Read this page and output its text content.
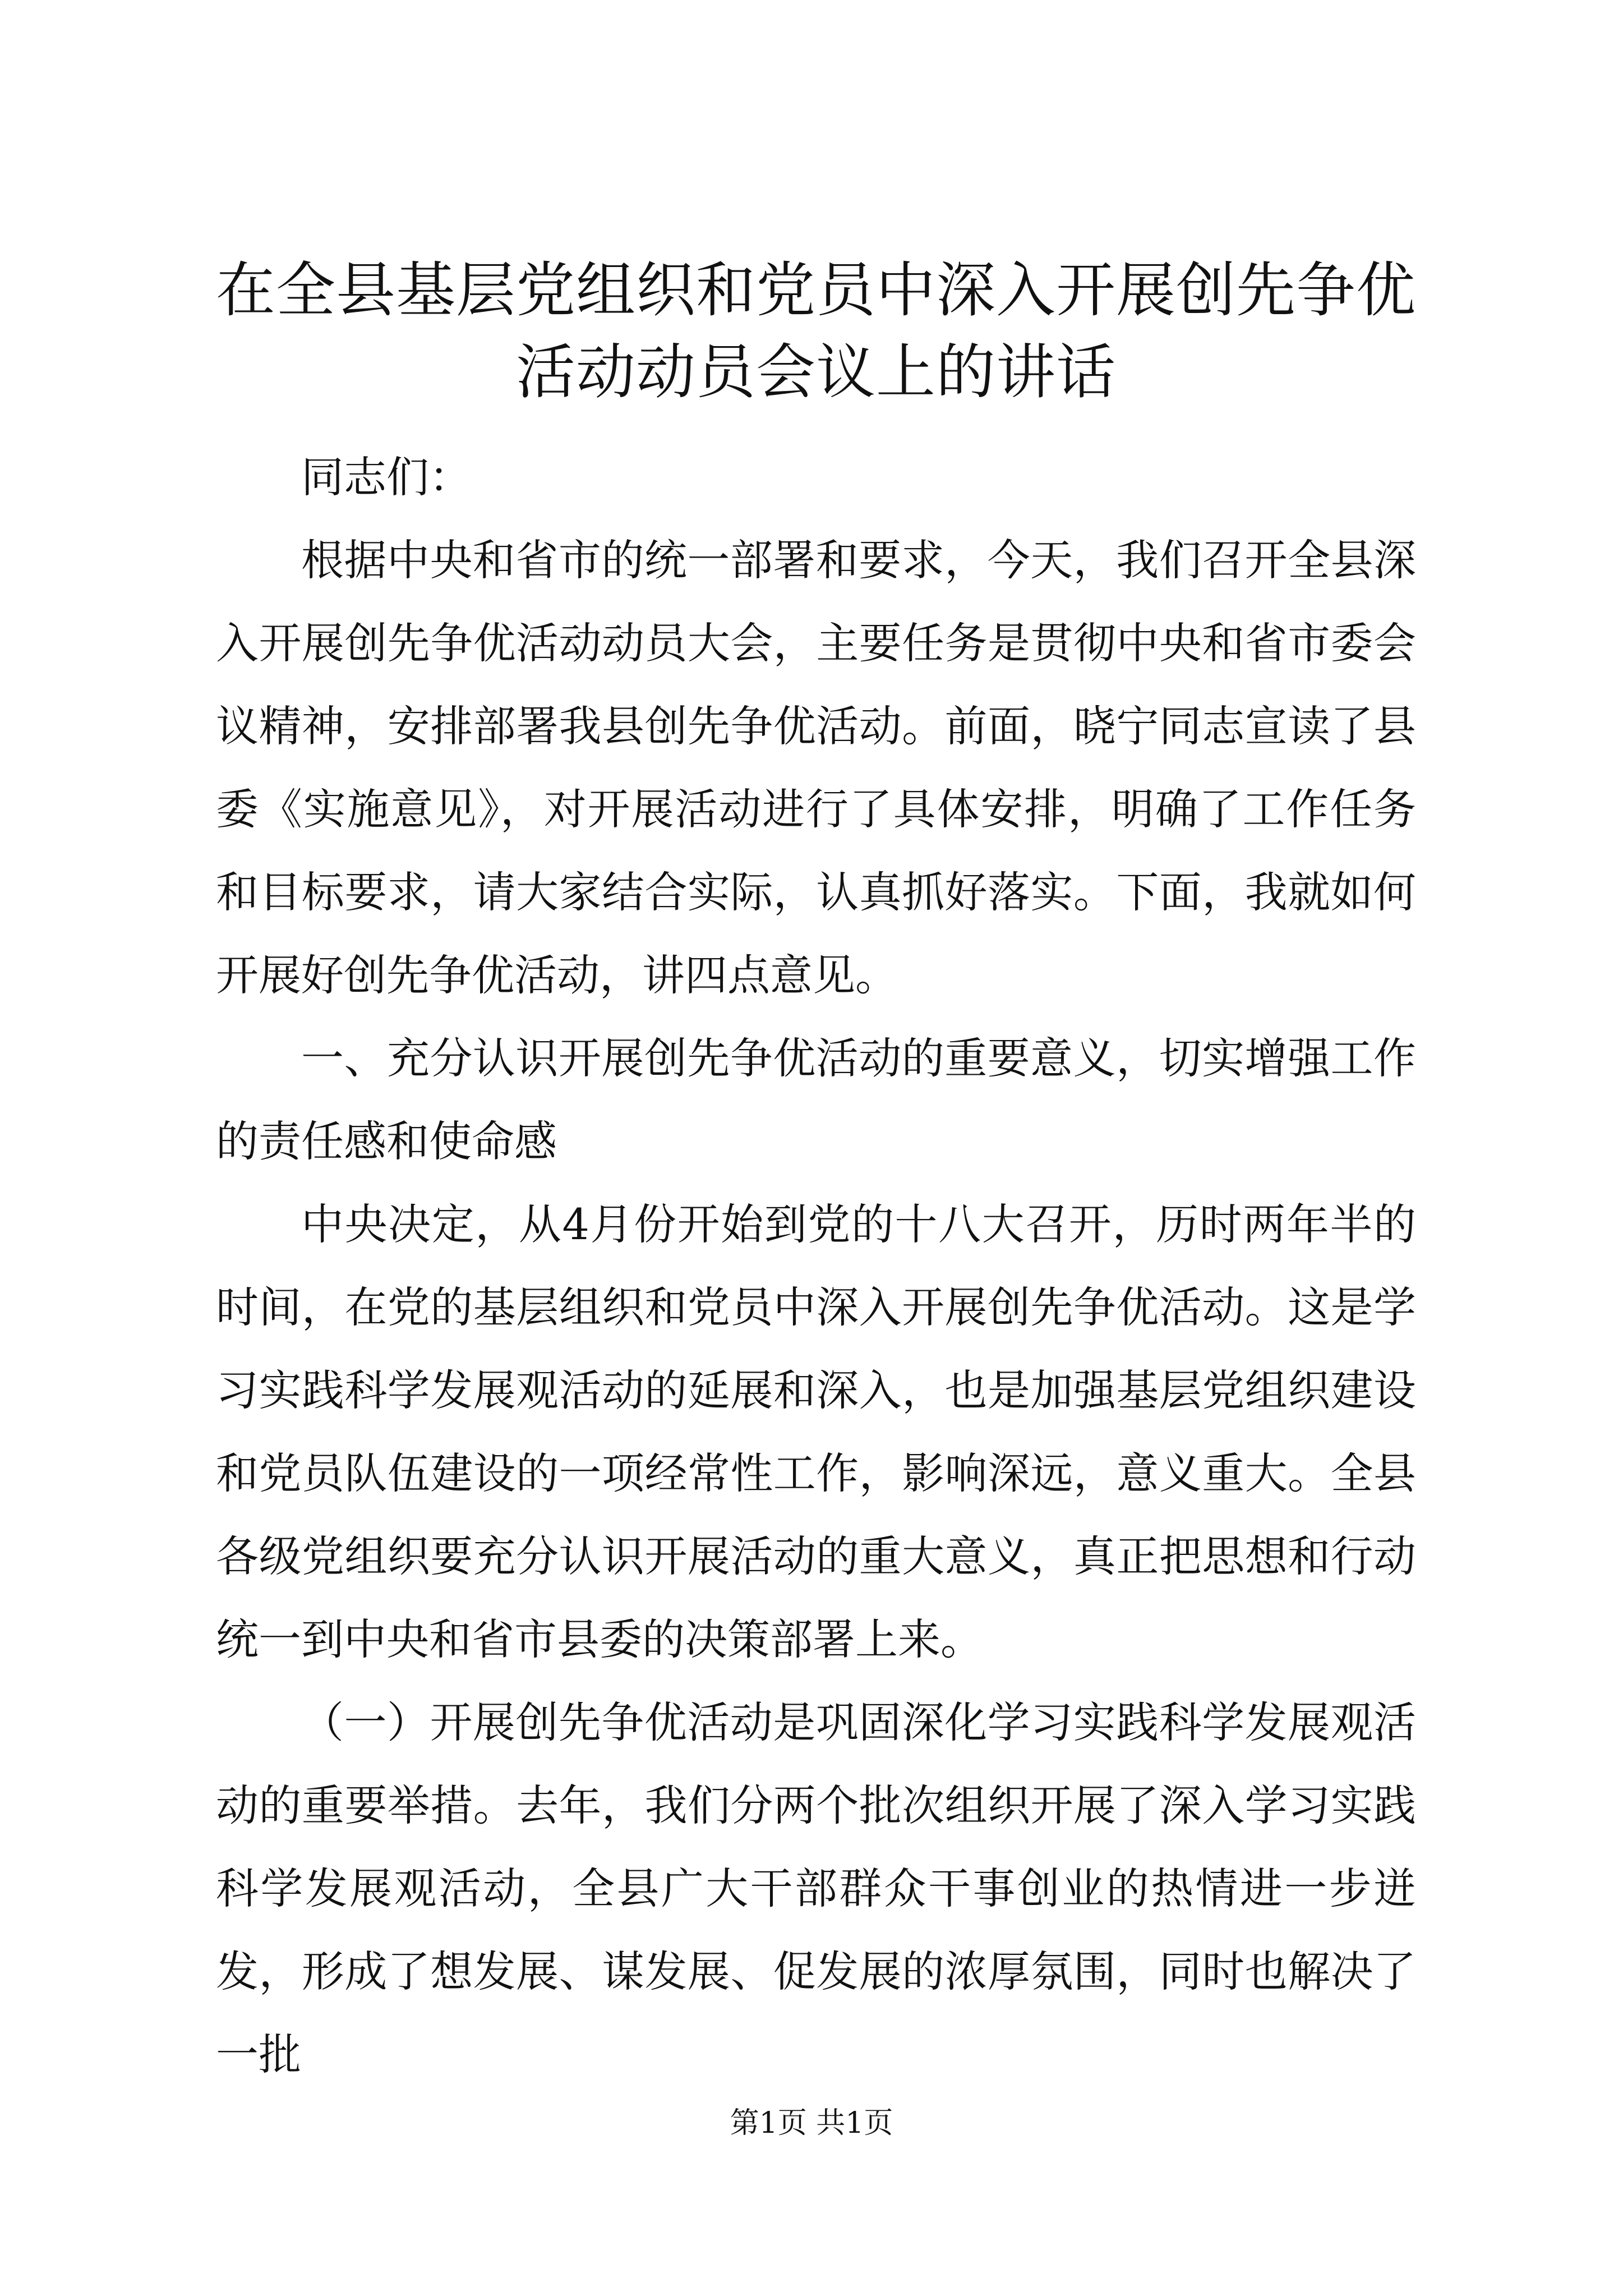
在全县基层党组织和党员中深入开展创先争优
活动动员会议上的讲话

同志们：

根据中央和省市的统一部署和要求，今天，我们召开全县深入开展创先争优活动动员大会，主要任务是贯彻中央和省市委会议精神，安排部署我县创先争优活动。前面，晓宁同志宣读了县委《实施意见》，对开展活动进行了具体安排，明确了工作任务和目标要求，请大家结合实际，认真抓好落实。下面，我就如何开展好创先争优活动，讲四点意见。

一、充分认识开展创先争优活动的重要意义，切实增强工作的责任感和使命感

中央决定，从4月份开始到党的十八大召开，历时两年半的时间，在党的基层组织和党员中深入开展创先争优活动。这是学习实践科学发展观活动的延展和深入，也是加强基层党组织建设和党员队伍建设的一项经常性工作，影响深远，意义重大。全县各级党组织要充分认识开展活动的重大意义，真正把思想和行动统一到中央和省市县委的决策部署上来。

（一）开展创先争优活动是巩固深化学习实践科学发展观活动的重要举措。去年，我们分两个批次组织开展了深入学习实践科学发展观活动，全县广大干部群众干事创业的热情进一步迸发，形成了想发展、谋发展、促发展的浓厚氛围，同时也解决了一批

第1页 共1页
